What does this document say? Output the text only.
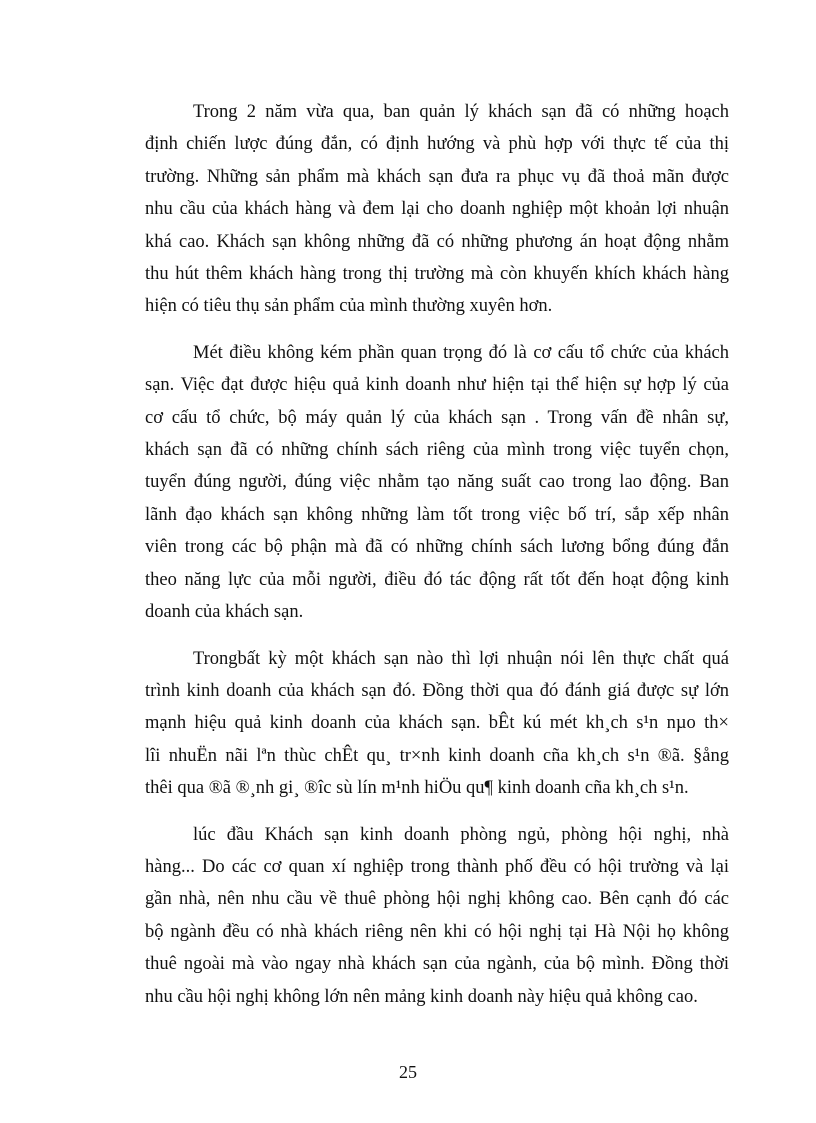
Trong 2 năm vừa qua, ban quản lý khách sạn đã có những hoạch
định chiến lược đúng đắn, có định hướng và phù hợp với thực tế của thị
trường. Những sản phẩm mà khách sạn đưa ra phục vụ đã thoả mãn được
nhu cầu của khách hàng và đem lại cho doanh nghiệp một khoản lợi nhuận
khá cao. Khách sạn không những đã có những phương án hoạt động nhằm
thu hút thêm khách hàng trong thị trường mà còn khuyến khích khách hàng
hiện có tiêu thụ sản phẩm của mình thường xuyên hơn.

Mét điều không kém phần quan trọng đó là cơ cấu tổ chức của khách
sạn. Việc đạt được hiệu quả kinh doanh như hiện tại thể hiện sự hợp lý của
cơ cấu tổ chức, bộ máy quản lý của khách sạn . Trong vấn đề nhân sự,
khách sạn đã có những chính sách riêng của mình trong việc tuyển chọn,
tuyển đúng người, đúng việc nhằm tạo năng suất cao trong lao động. Ban
lãnh đạo khách sạn không những làm tốt trong việc bố trí, sắp xếp nhân
viên trong các bộ phận mà đã có những chính sách lương bổng đúng đắn
theo năng lực của mỗi người, điều đó tác động rất tốt đến hoạt động kinh
doanh của khách sạn.

Trongbất kỳ một khách sạn nào thì lợi nhuận nói lên thực chất quá
trình kinh doanh của khách sạn đó. Đồng thời qua đó đánh giá được sự lớn
mạnh hiệu quả kinh doanh của khách sạn. bÊt kú mét kh¸ch s¹n nµo th×
lîi nhuËn nãi lªn thùc chÊt qu¸ tr×nh kinh doanh cña kh¸ch s¹n ®ã. §ång
thêi qua ®ã ®¸nh gi¸ ®îc sù lín m¹nh hiÖu qu¶ kinh doanh cña kh¸ch s¹n.

lúc đầu Khách sạn kinh doanh phòng ngủ, phòng hội nghị, nhà
hàng... Do các cơ quan xí nghiệp trong thành phố đều có hội trường và lại
gần nhà, nên nhu cầu về thuê phòng hội nghị không cao. Bên cạnh đó các
bộ ngành đều có nhà khách riêng nên khi có hội nghị tại Hà Nội họ không
thuê ngoài mà vào ngay nhà khách sạn của ngành, của bộ mình. Đồng thời
nhu cầu hội nghị không lớn nên mảng kinh doanh này hiệu quả không cao.

25
